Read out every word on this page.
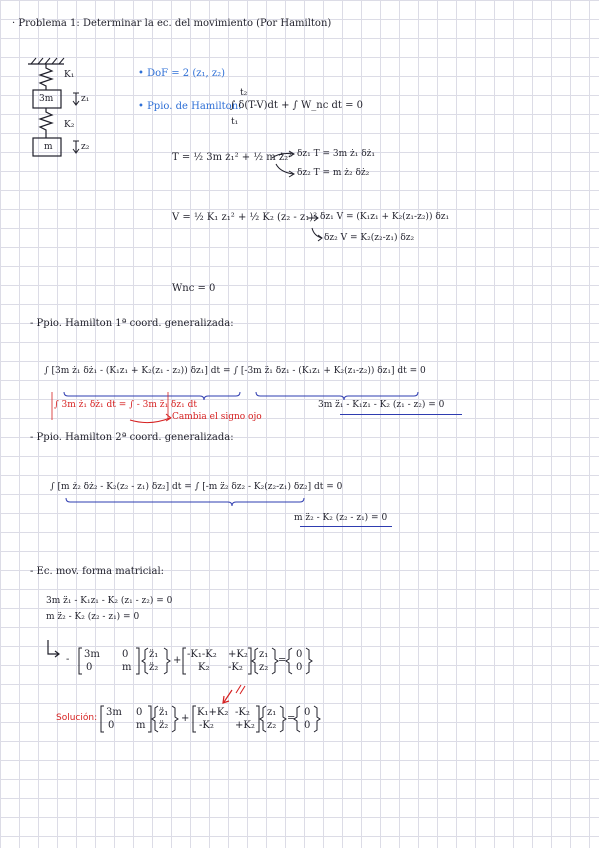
· Problema 1: Determinar la ec. del movimiento (Por Hamilton)
K₁
3m	z₁
K₂
m	z₂
• DoF = 2 (z₁, z₂)
• Ppio. de Hamilton:
∫ δ(T-V)dt + ∫ W_nc dt = 0
t₂
t₁
T = ½ 3m ż₁² + ½ m ż₂² δz₁ T = 3m ż₁ δż₁
δz₂ T = m ż₂ δż₂
V = ½ K₁ z₁² + ½ K₂ (z₂ - z₁)² δz₁ V = (K₁z₁ + K₂(z₁-z₂)) δz₁
δz₂ V = K₂(z₂-z₁) δz₂
Wnc = 0
- Ppio. Hamilton 1ª coord. generalizada:
∫ [3m ż₁ δż₁ - (K₁z₁ + K₂(z₁ - z₂)) δz₁] dt = ∫ [-3m z̈₁ δz₁ - (K₁z₁ + K₂(z₁-z₂)) δz₁] dt = 0
∫ 3m ż₁ δż₁ dt = ∫ - 3m z̈₁ δz₁ dt
Cambia el signo ojo
3m z̈₁ - K₁z₁ - K₂ (z₁ - z₂) = 0
- Ppio. Hamilton 2ª coord. generalizada:
∫ [m ż₂ δż₂ - K₂(z₂ - z₁) δz₂] dt = ∫ [-m z̈₂ δz₂ - K₂(z₂-z₁) δz₂] dt = 0
m z̈₂ - K₂ (z₂ - z₁) = 0
- Ec. mov. forma matricial:
3m z̈₁ - K₁z₁ - K₂ (z₁ - z₂) = 0
m z̈₂ - K₂ (z₂ - z₁) = 0
- 3m 0
0	m
z̈₁
z̈₂
+
-K₁-K₂ +K₂
K₂ -K₂
z₁
z₂
=
0
0
Solución: 3m 0
0 m
z̈₁
z̈₂
+
K₁+K₂ -K₂
-K₂ +K₂
z₁
z₂
=
0
0
